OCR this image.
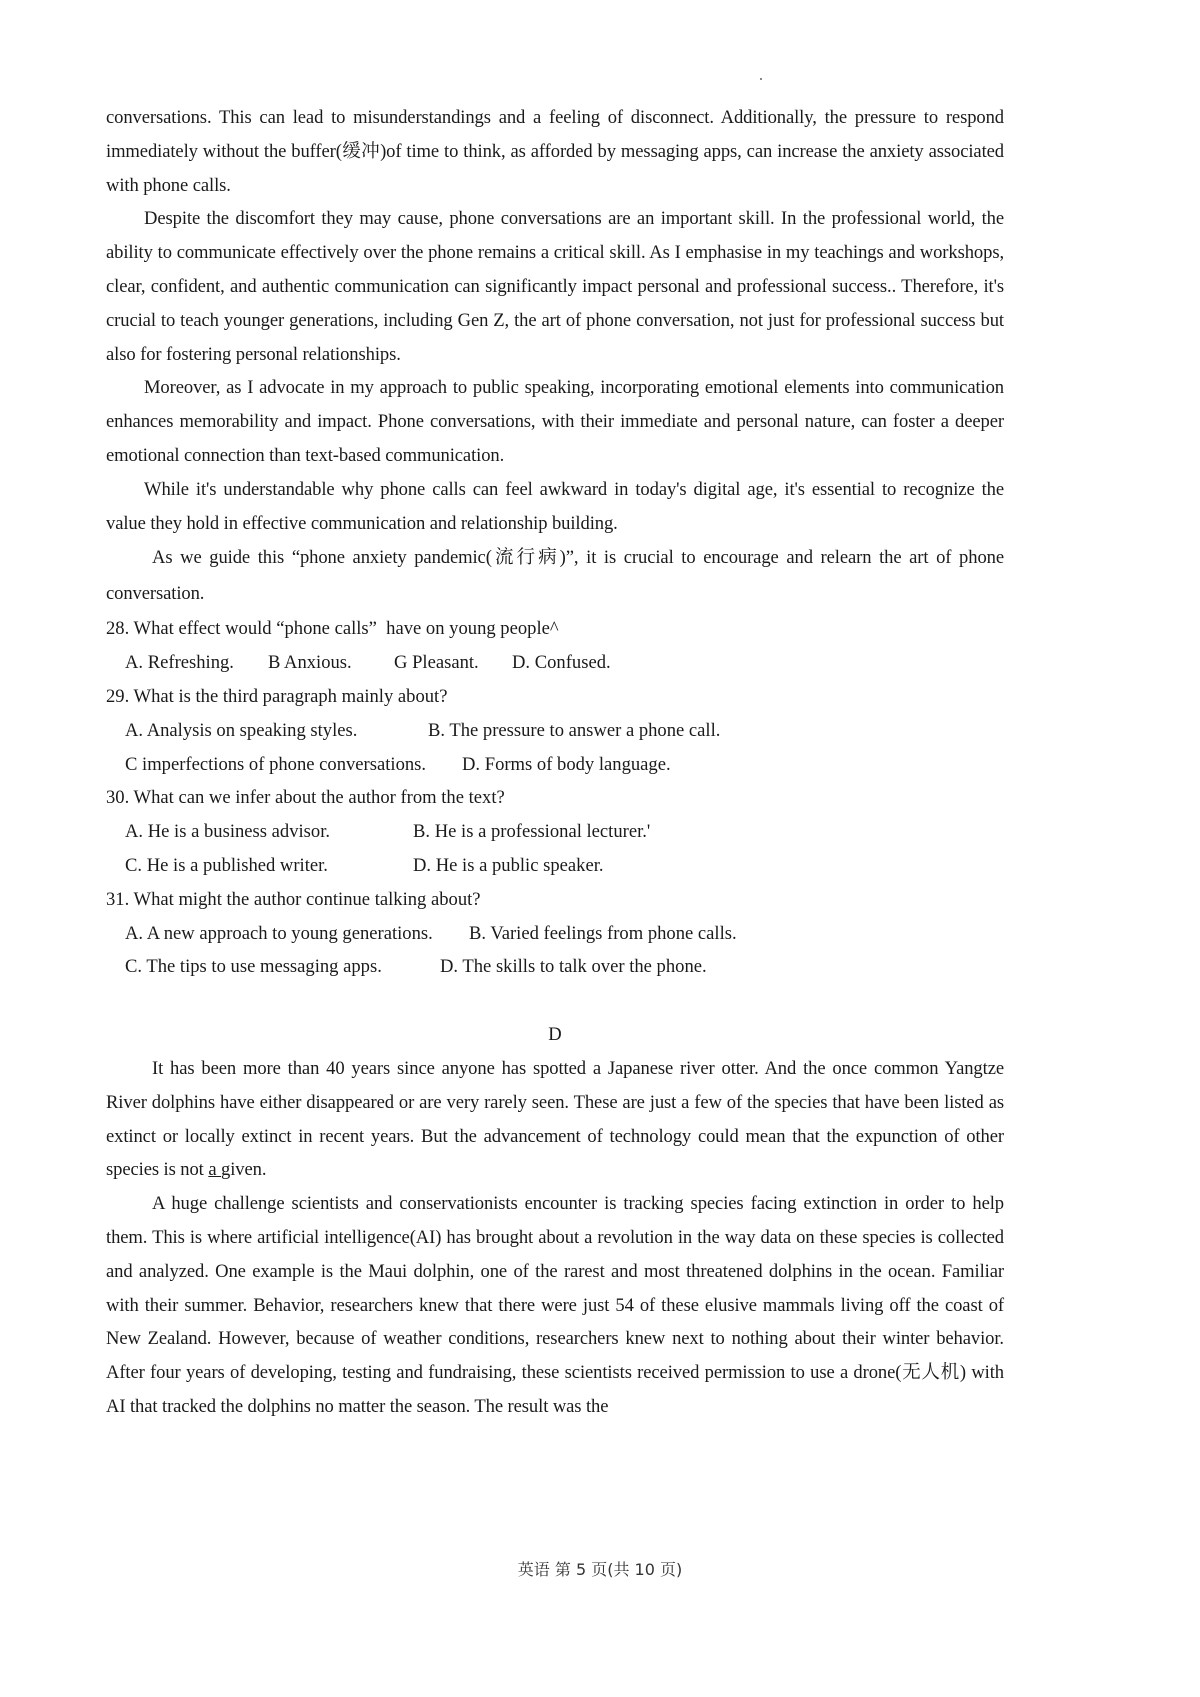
conversations. This can lead to misunderstandings and a feeling of disconnect. Additionally, the pressure to respond immediately without the buffer(缓冲)of time to think, as afforded by messaging apps, can increase the anxiety associated with phone calls.

Despite the discomfort they may cause, phone conversations are an important skill. In the professional world, the ability to communicate effectively over the phone remains a critical skill. As I emphasise in my teachings and workshops, clear, confident, and authentic communication can significantly impact personal and professional success.. Therefore, it's crucial to teach younger generations, including Gen Z, the art of phone conversation, not just for professional success but also for fostering personal relationships.

Moreover, as I advocate in my approach to public speaking, incorporating emotional elements into communication enhances memorability and impact. Phone conversations, with their immediate and personal nature, can foster a deeper emotional connection than text-based communication.

While it's understandable why phone calls can feel awkward in today's digital age, it's essential to recognize the value they hold in effective communication and relationship building.

As we guide this “phone anxiety pandemic(流行病)”, it is crucial to encourage and relearn the art of phone conversation.

28. What effect would “phone calls”  have on young people^

A. Refreshing.	B Anxious.	G Pleasant.	D. Confused.

29. What is the third paragraph mainly about?

A. Analysis on speaking styles.	B. The pressure to answer a phone call.
C imperfections of phone conversations.	D. Forms of body language.

30. What can we infer about the author from the text?

A. He is a business advisor.	B. He is a professional lecturer.'
C. He is a published writer.	D. He is a public speaker.

31. What might the author continue talking about?

A. A new approach to young generations.	B. Varied feelings from phone calls.
C. The tips to use messaging apps.	D. The skills to talk over the phone.

D

It has been more than 40 years since anyone has spotted a Japanese river otter. And the once common Yangtze River dolphins have either disappeared or are very rarely seen. These are just a few of the species that have been listed as extinct or locally extinct in recent years. But the advancement of technology could mean that the expunction of other species is not a given.

A huge challenge scientists and conservationists encounter is tracking species facing extinction in order to help them. This is where artificial intelligence(AI) has brought about a revolution in the way data on these species is collected and analyzed. One example is the Maui dolphin, one of the rarest and most threatened dolphins in the ocean. Familiar with their summer. Behavior, researchers knew that there were just 54 of these elusive mammals living off the coast of New Zealand. However, because of weather conditions, researchers knew next to nothing about their winter behavior. After four years of developing, testing and fundraising, these scientists received permission to use a drone(无人机) with AI that tracked the dolphins no matter the season. The result was the

英语 第 5 页(共 10 页)
